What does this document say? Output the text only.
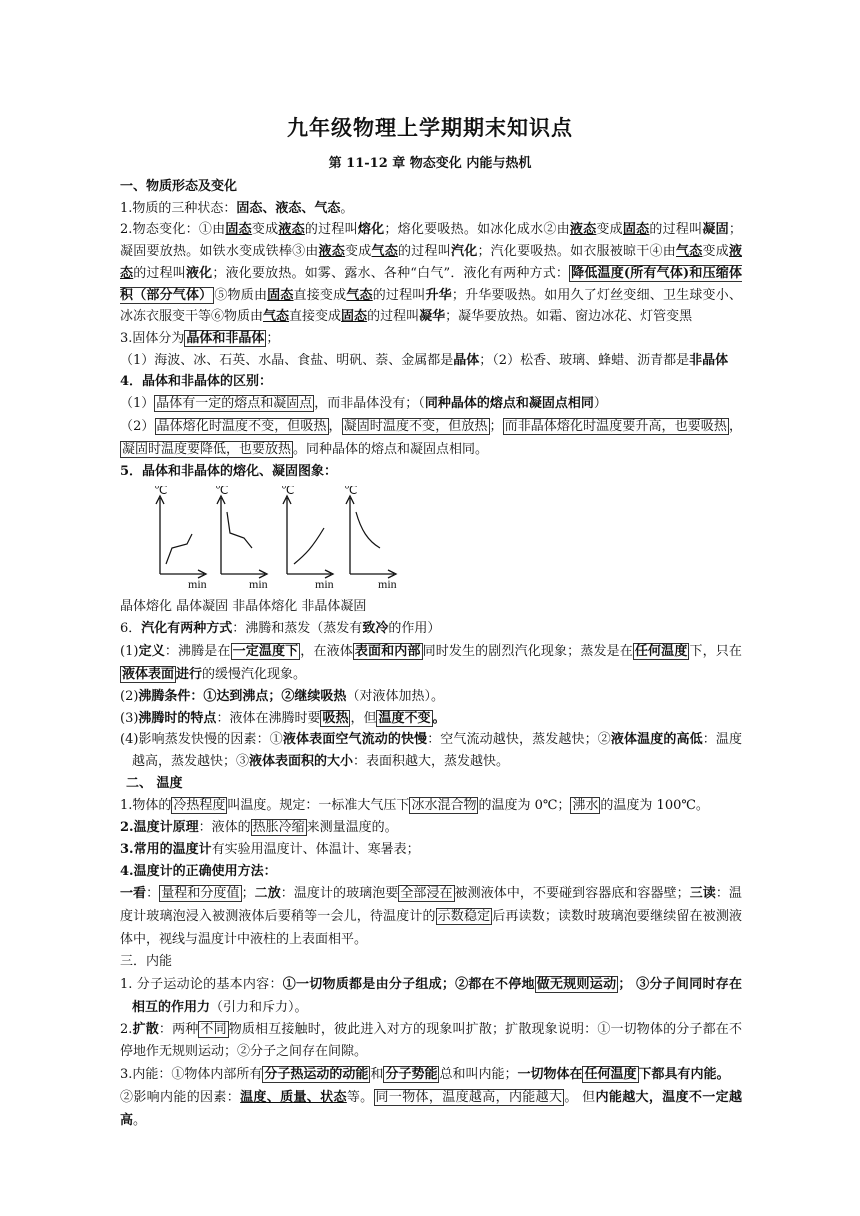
九年级物理上学期期末知识点
第 11-12 章 物态变化 内能与热机

一、物质形态及变化

1.物质的三种状态：固态、液态、气态。

2.物态变化：①由固态变成液态的过程叫熔化；熔化要吸热。如冰化成水②由液态变成固态的过程叫凝固；凝固要放热。如铁水变成铁棒③由液态变成气态的过程叫汽化；汽化要吸热。如衣服被晾干④由气态变成液态的过程叫液化；液化要放热。如雾、露水、各种“白气”．液化有两种方式： 降低温度(所有气体)和压缩体积（部分气体） ⑤物质由固态直接变成气态的过程叫升华；升华要吸热。如用久了灯丝变细、卫生球变小、冰冻衣服变干等⑥物质由气态直接变成固态的过程叫凝华；凝华要放热。如霜、窗边冰花、灯管变黑

3.固体分为 晶体和非晶体 ；

（1）海波、冰、石英、水晶、食盐、明矾、萘、金属都是晶体；（2）松香、玻璃、蜂蜡、沥青都是非晶体

4．晶体和非晶体的区别：

（1） 晶体有一定的熔点和凝固点 ，而非晶体没有；（同种晶体的熔点和凝固点相同）

（2） 晶体熔化时温度不变，但吸热 ， 凝固时温度不变，但放热 ； 而非晶体熔化时温度要升高，也要吸热 ，凝固时温度要降低，也要放热 。同种晶体的熔点和凝固点相同。

5．晶体和非晶体的熔化、凝固图象：

℃	℃	℃	℃
min	min	min	min

晶体熔化 晶体凝固 非晶体熔化 非晶体凝固

6．汽化有两种方式：沸腾和蒸发（蒸发有致冷的作用）

(1)定义：沸腾是在 一定温度下 ，在液体 表面和内部 同时发生的剧烈汽化现象；蒸发是在 任何温度 下，只在液体表面 进行的缓慢汽化现象。

(2)沸腾条件：①达到沸点；②继续吸热（对液体加热）。

(3)沸腾时的特点：液体在沸腾时要 吸热 ，但 温度不变 。

(4)影响蒸发快慢的因素：①液体表面空气流动的快慢：空气流动越快，蒸发越快；②液体温度的高低：温度越高，蒸发越快；③液体表面积的大小：表面积越大，蒸发越快。

二、 温度

1.物体的 冷热程度 叫温度。规定：一标准大气压下 冰水混合物 的温度为 0℃； 沸水 的温度为 100℃。

2.温度计原理：液体的 热胀冷缩 来测量温度的。

3.常用的温度计有实验用温度计、体温计、寒暑表；

4.温度计的正确使用方法：

一看： 量程和分度值 ；二放：温度计的玻璃泡要 全部浸在 被测液体中，不要碰到容器底和容器壁；三读：温度计玻璃泡浸入被测液体后要稍等一会儿，待温度计的 示数稳定 后再读数；读数时玻璃泡要继续留在被测液体中，视线与温度计中液柱的上表面相平。

三．内能

1. 分子运动论的基本内容：①一切物质都是由分子组成；②都在不停地 做无规则运动 ； ③分子间同时存在相互的作用力（引力和斥力）。

2.扩散：两种 不同 物质相互接触时，彼此进入对方的现象叫扩散；扩散现象说明：①一切物体的分子都在不停地作无规则运动；②分子之间存在间隙。

3.内能：①物体内部所有 分子热运动的动能 和 分子势能 总和叫内能；一切物体在 任何温度 下都具有内能。

②影响内能的因素：温度、质量、状态等。 同一物体，温度越高，内能越大 。 但内能越大，温度不一定越高。
